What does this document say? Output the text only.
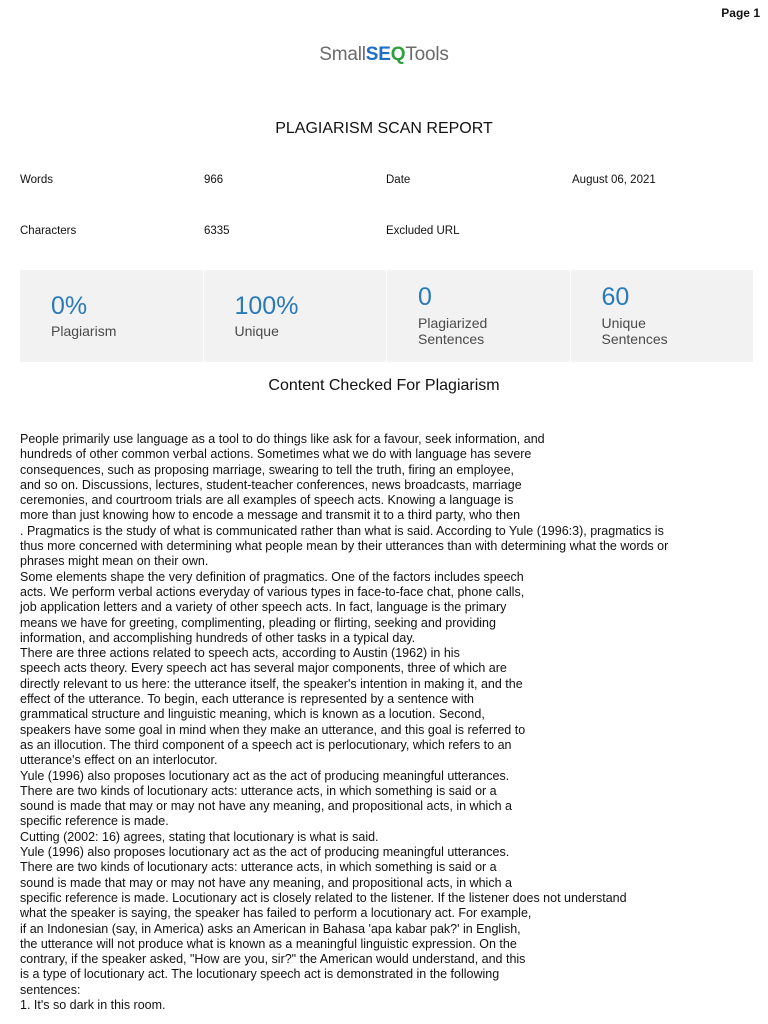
Page 1
SmallSEQTools
PLAGIARISM SCAN REPORT
Words	966	Date	August 06, 2021
Characters	6335	Excluded URL
0%
Plagiarism
100%
Unique
0
Plagiarized
Sentences
60
Unique
Sentences
Content Checked For Plagiarism
People primarily use language as a tool to do things like ask for a favour, seek information, and
hundreds of other common verbal actions. Sometimes what we do with language has severe
consequences, such as proposing marriage, swearing to tell the truth, firing an employee,
and so on. Discussions, lectures, student-teacher conferences, news broadcasts, marriage
ceremonies, and courtroom trials are all examples of speech acts. Knowing a language is
more than just knowing how to encode a message and transmit it to a third party, who then
. Pragmatics is the study of what is communicated rather than what is said. According to Yule (1996:3), pragmatics is
thus more concerned with determining what people mean by their utterances than with determining what the words or
phrases might mean on their own.
Some elements shape the very definition of pragmatics. One of the factors includes speech
acts. We perform verbal actions everyday of various types in face-to-face chat, phone calls,
job application letters and a variety of other speech acts. In fact, language is the primary
means we have for greeting, complimenting, pleading or flirting, seeking and providing
information, and accomplishing hundreds of other tasks in a typical day.
There are three actions related to speech acts, according to Austin (1962) in his
speech acts theory. Every speech act has several major components, three of which are
directly relevant to us here: the utterance itself, the speaker's intention in making it, and the
effect of the utterance. To begin, each utterance is represented by a sentence with
grammatical structure and linguistic meaning, which is known as a locution. Second,
speakers have some goal in mind when they make an utterance, and this goal is referred to
as an illocution. The third component of a speech act is perlocutionary, which refers to an
utterance's effect on an interlocutor.
Yule (1996) also proposes locutionary act as the act of producing meaningful utterances.
There are two kinds of locutionary acts: utterance acts, in which something is said or a
sound is made that may or may not have any meaning, and propositional acts, in which a
specific reference is made.
Cutting (2002: 16) agrees, stating that locutionary is what is said.
Yule (1996) also proposes locutionary act as the act of producing meaningful utterances.
There are two kinds of locutionary acts: utterance acts, in which something is said or a
sound is made that may or may not have any meaning, and propositional acts, in which a
specific reference is made. Locutionary act is closely related to the listener. If the listener does not understand
what the speaker is saying, the speaker has failed to perform a locutionary act. For example,
if an Indonesian (say, in America) asks an American in Bahasa 'apa kabar pak?' in English,
the utterance will not produce what is known as a meaningful linguistic expression. On the
contrary, if the speaker asked, "How are you, sir?" the American would understand, and this
is a type of locutionary act. The locutionary speech act is demonstrated in the following
sentences:
1. It's so dark in this room.
